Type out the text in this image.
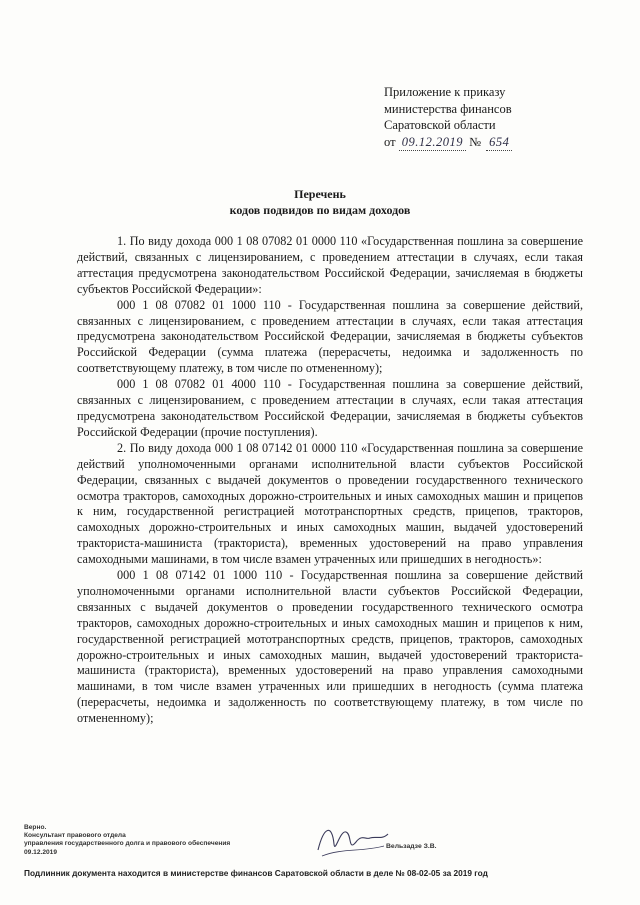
Приложение к приказу
министерства финансов
Саратовской области
от 09.12.2019 № 654
Перечень
кодов подвидов по видам доходов

1. По виду дохода 000 1 08 07082 01 0000 110 «Государственная пошлина за совершение действий, связанных с лицензированием, с проведением аттестации в случаях, если такая аттестация предусмотрена законодательством Российской Федерации, зачисляемая в бюджеты субъектов Российской Федерации»:

000 1 08 07082 01 1000 110 - Государственная пошлина за совершение действий, связанных с лицензированием, с проведением аттестации в случаях, если такая аттестация предусмотрена законодательством Российской Федерации, зачисляемая в бюджеты субъектов Российской Федерации (сумма платежа (перерасчеты, недоимка и задолженность по соответствующему платежу, в том числе по отмененному);

000 1 08 07082 01 4000 110 - Государственная пошлина за совершение действий, связанных с лицензированием, с проведением аттестации в случаях, если такая аттестация предусмотрена законодательством Российской Федерации, зачисляемая в бюджеты субъектов Российской Федерации (прочие поступления).

2. По виду дохода 000 1 08 07142 01 0000 110 «Государственная пошлина за совершение действий уполномоченными органами исполнительной власти субъектов Российской Федерации, связанных с выдачей документов о проведении государственного технического осмотра тракторов, самоходных дорожно-строительных и иных самоходных машин и прицепов к ним, государственной регистрацией мототранспортных средств, прицепов, тракторов, самоходных дорожно-строительных и иных самоходных машин, выдачей удостоверений тракториста-машиниста (тракториста), временных удостоверений на право управления самоходными машинами, в том числе взамен утраченных или пришедших в негодность»:

000 1 08 07142 01 1000 110 - Государственная пошлина за совершение действий уполномоченными органами исполнительной власти субъектов Российской Федерации, связанных с выдачей документов о проведении государственного технического осмотра тракторов, самоходных дорожно-строительных и иных самоходных машин и прицепов к ним, государственной регистрацией мототранспортных средств, прицепов, тракторов, самоходных дорожно-строительных и иных самоходных машин, выдачей удостоверений тракториста-машиниста (тракториста), временных удостоверений на право управления самоходными машинами, в том числе взамен утраченных или пришедших в негодность (сумма платежа (перерасчеты, недоимка и задолженность по соответствующему платежу, в том числе по отмененному);

Верно.
Консультант правового отдела
управления государственного долга и правового обеспечения
09.12.2019
Вельзадзе З.В.
Подлинник документа находится в министерстве финансов Саратовской области в деле № 08-02-05 за 2019 год
